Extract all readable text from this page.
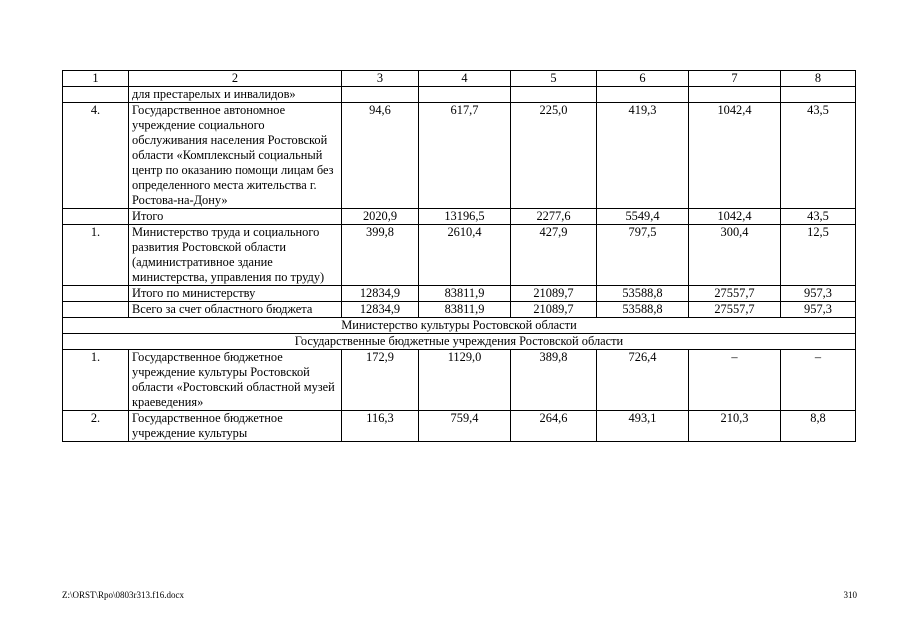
1	2	3	4	5	6	7	8
	для престарелых и инвалидов»						
4.	Государственное автономное учреждение социального обслуживания населения Ростовской области «Комплексный социальный центр по оказанию помощи лицам без определенного места жительства г. Ростова-на-Дону»	94,6	617,7	225,0	419,3	1042,4	43,5
	Итого	2020,9	13196,5	2277,6	5549,4	1042,4	43,5
1.	Министерство труда и социального развития Ростовской области (административное здание министерства, управления по труду)	399,8	2610,4	427,9	797,5	300,4	12,5
	Итого по министерству	12834,9	83811,9	21089,7	53588,8	27557,7	957,3
	Всего за счет областного бюджета	12834,9	83811,9	21089,7	53588,8	27557,7	957,3
Министерство культуры Ростовской области							
Государственные бюджетные учреждения Ростовской области							
1.	Государственное бюджетное учреждение культуры Ростовской области «Ростовский областной музей краеведения»	172,9	1129,0	389,8	726,4	–	–
2.	Государственное бюджетное учреждение культуры	116,3	759,4	264,6	493,1	210,3	8,8
Z:\ORST\Rpo\0803r313.f16.docx	310
